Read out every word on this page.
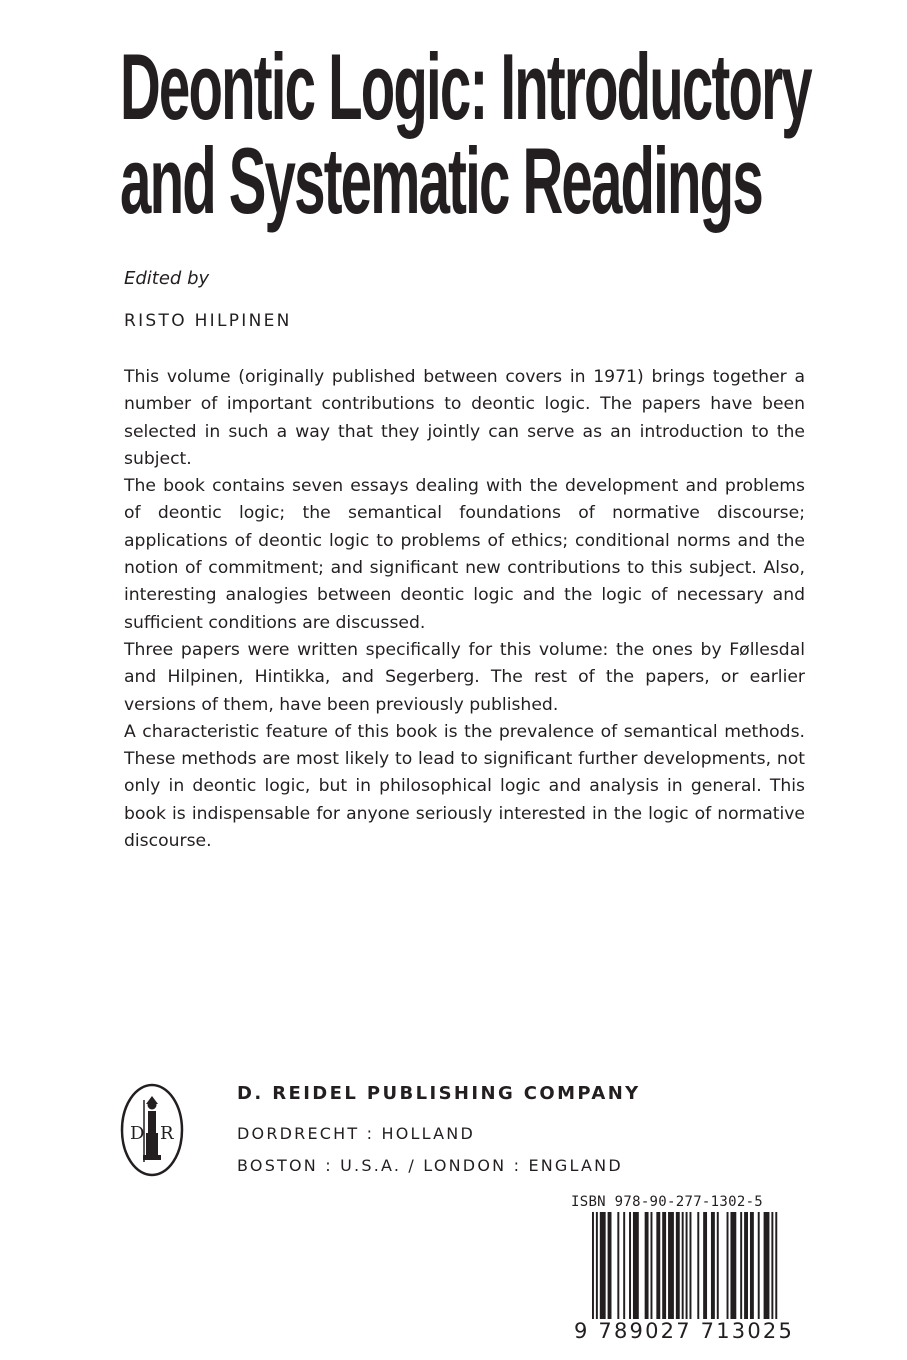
Deontic Logic: Introductory
and Systematic Readings
Edited by
RISTO HILPINEN

This volume (originally published between covers in 1971) brings together a number of important contributions to deontic logic. The papers have been selected in such a way that they jointly can serve as an introduction to the subject.

The book contains seven essays dealing with the development and problems of deontic logic; the semantical foundations of normative discourse; applications of deontic logic to problems of ethics; conditional norms and the notion of commitment; and significant new contributions to this subject. Also, interesting analogies between deontic logic and the logic of necessary and sufficient conditions are discussed.

Three papers were written specifically for this volume: the ones by Føllesdal and Hilpinen, Hintikka, and Segerberg. The rest of the papers, or earlier versions of them, have been previously published.

A characteristic feature of this book is the prevalence of semantical methods. These methods are most likely to lead to significant further developments, not only in deontic logic, but in philosophical logic and analysis in general. This book is indispensable for anyone seriously interested in the logic of normative discourse.

D R
D. REIDEL PUBLISHING COMPANY
DORDRECHT : HOLLAND
BOSTON : U.S.A. / LONDON : ENGLAND
ISBN 978-90-277-1302-5
9 789027 713025
